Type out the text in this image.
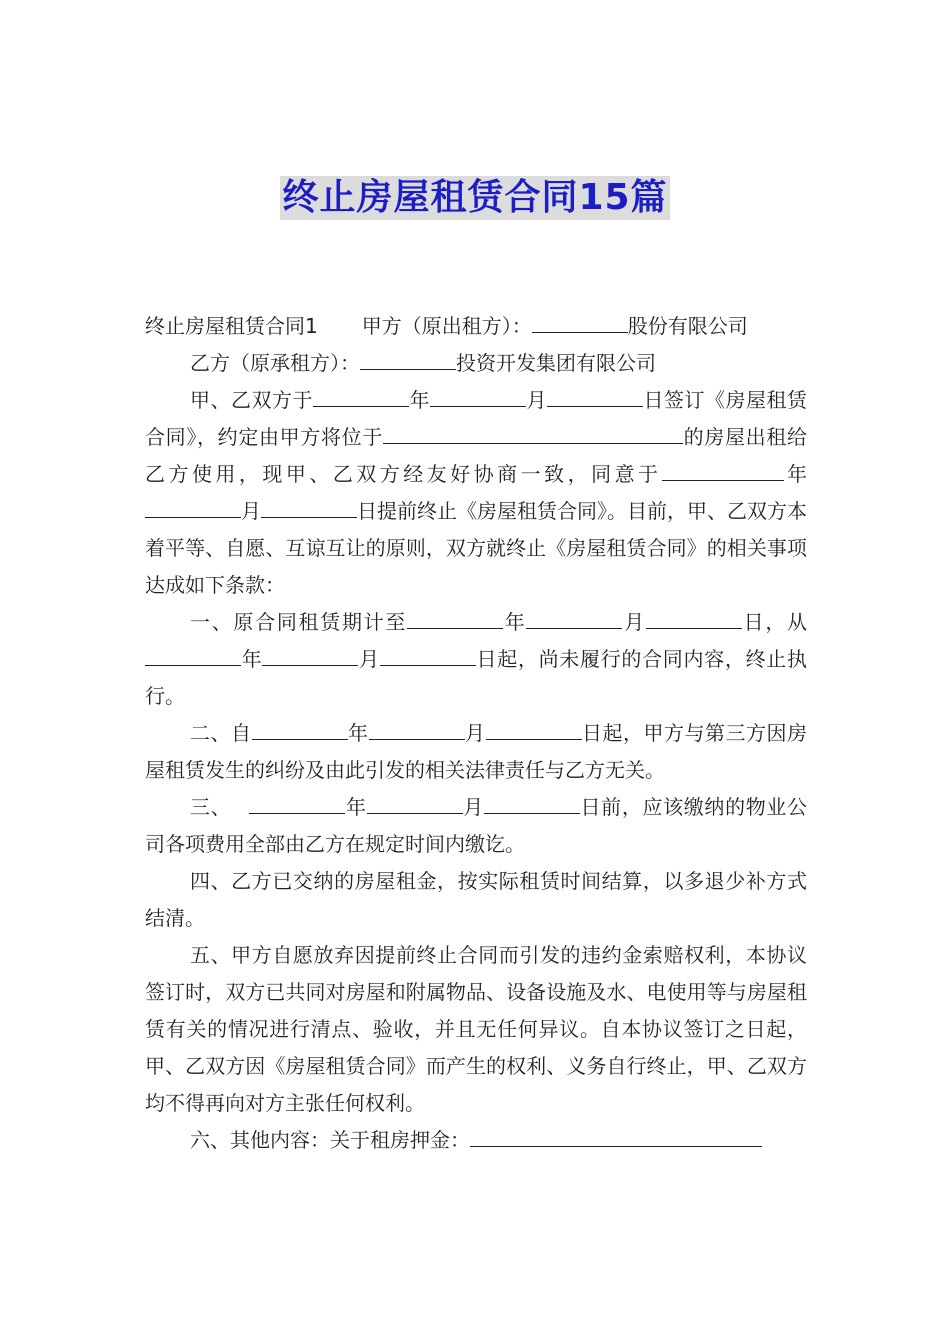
终止房屋租赁合同15篇

终止房屋租赁合同1 甲方（原出租方）：	股份有限公司

乙方（原承租方）：	投资开发集团有限公司

甲、乙双方于	年	月	日签订《房屋租赁合同》，约定由甲方将位于	的房屋出租给乙方使用，现甲、乙双方经友好协商一致，同意于	年月	日提前终止《房屋租赁合同》。目前，甲、乙双方本着平等、自愿、互谅互让的原则，双方就终止《房屋租赁合同》的相关事项达成如下条款：

一、原合同租赁期计至	年	月	日，从年	月	日起，尚未履行的合同内容，终止执行。

二、自	年	月	日起，甲方与第三方因房屋租赁发生的纠纷及由此引发的相关法律责任与乙方无关。

三、	年	月	日前，应该缴纳的物业公司各项费用全部由乙方在规定时间内缴讫。

四、乙方已交纳的房屋租金，按实际租赁时间结算，以多退少补方式结清。

五、甲方自愿放弃因提前终止合同而引发的违约金索赔权利，本协议签订时，双方已共同对房屋和附属物品、设备设施及水、电使用等与房屋租赁有关的情况进行清点、验收，并且无任何异议。自本协议签订之日起，甲、乙双方因《房屋租赁合同》而产生的权利、义务自行终止，甲、乙双方均不得再向对方主张任何权利。

六、其他内容：关于租房押金：
